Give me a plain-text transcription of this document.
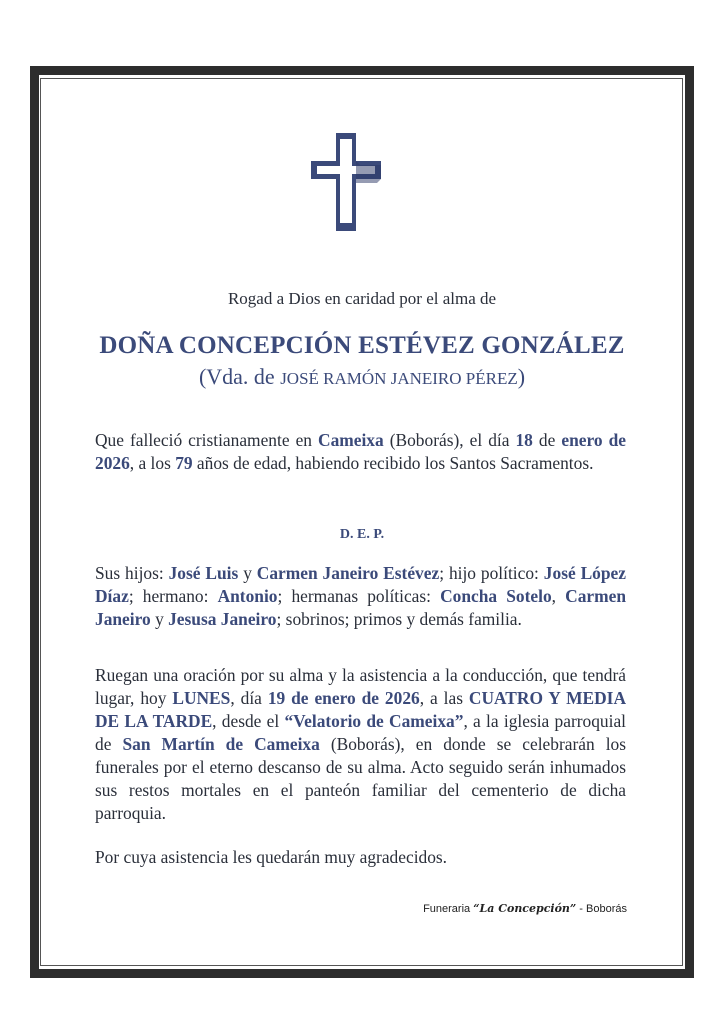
Rogad a Dios en caridad por el alma de
DOÑA CONCEPCIÓN ESTÉVEZ GONZÁLEZ
(Vda. de JOSÉ RAMÓN JANEIRO PÉREZ)
Que falleció cristianamente en Cameixa (Boborás), el día 18 de enero de 2026, a los 79 años de edad, habiendo recibido los Santos Sacramentos.
D. E. P.
Sus hijos: José Luis y Carmen Janeiro Estévez; hijo político: José López Díaz; hermano: Antonio; hermanas políticas: Concha Sotelo, Carmen Janeiro y Jesusa Janeiro; sobrinos; primos y demás familia.
Ruegan una oración por su alma y la asistencia a la conducción, que tendrá lugar, hoy LUNES, día 19 de enero de 2026, a las CUATRO Y MEDIA DE LA TARDE, desde el “Velatorio de Cameixa”, a la iglesia parroquial de San Martín de Cameixa (Boborás), en donde se celebrarán los funerales por el eterno descanso de su alma. Acto seguido serán inhumados sus restos mortales en el panteón familiar del cementerio de dicha parroquia.
Por cuya asistencia les quedarán muy agradecidos.
Funeraria “La Concepción” - Boborás
